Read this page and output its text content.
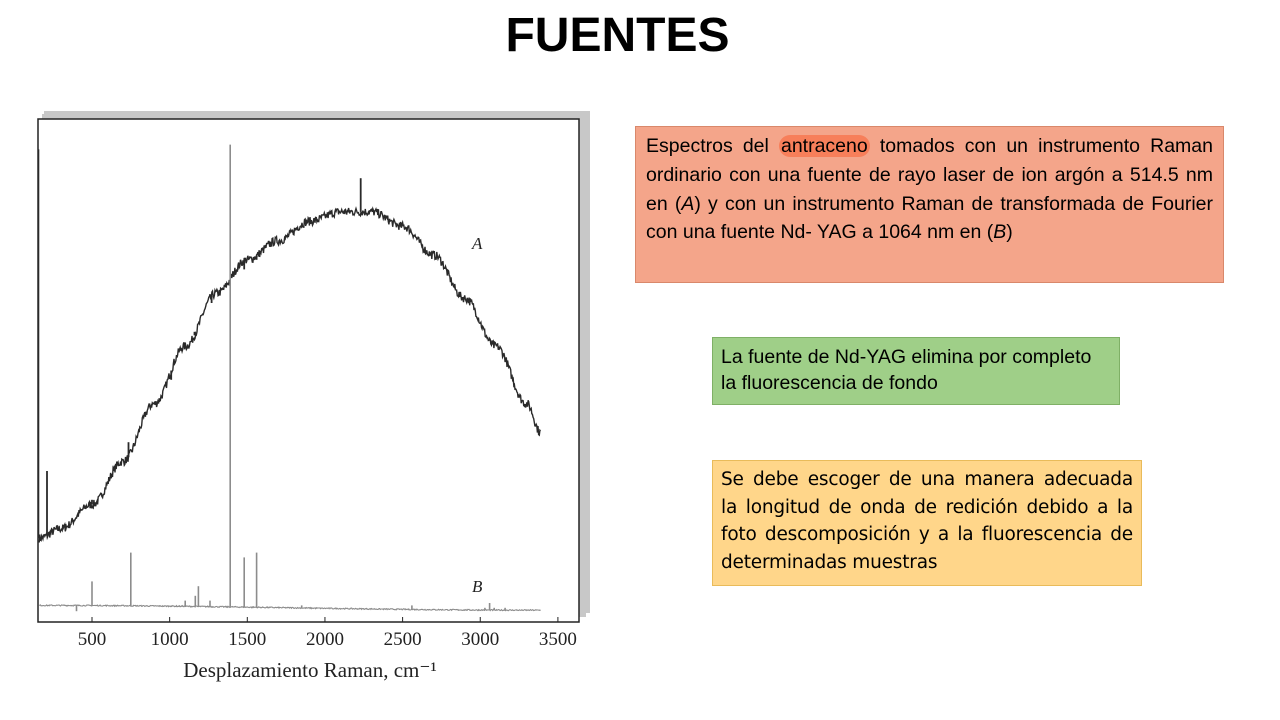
FUENTES
500 1000 1500 2000 2500 3000 3500
A
B
Desplazamiento Raman, cm⁻¹
Espectros del antraceno tomados con un instrumento Raman ordinario con una fuente de rayo laser de ion argón a 514.5 nm en (A) y con un instrumento Raman de transformada de Fourier con una fuente Nd- YAG a 1064 nm en (B)
La fuente de Nd-YAG elimina por completo la fluorescencia de fondo
Se debe escoger de una manera adecuada la longitud de onda de redición debido a la foto descomposición y a la fluorescencia de determinadas muestras
